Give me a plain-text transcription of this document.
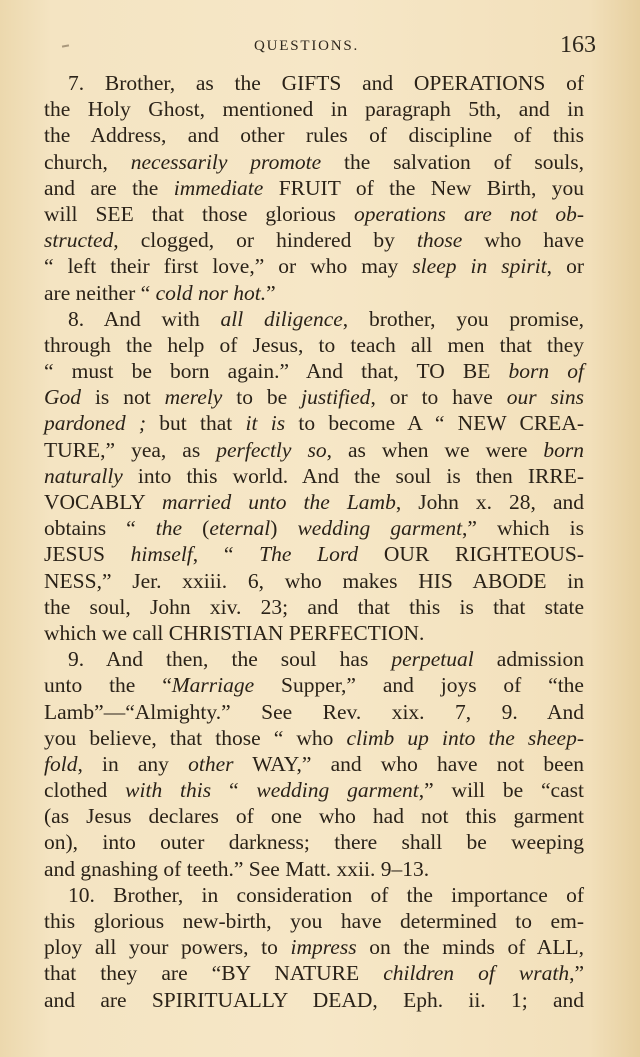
QUESTIONS.	163
7. Brother, as the GIFTS and OPERATIONS of
the Holy Ghost, mentioned in paragraph 5th, and in
the Address, and other rules of discipline of this
church, necessarily promote the salvation of souls,
and are the immediate FRUIT of the New Birth, you
will SEE that those glorious operations are not ob-
structed, clogged, or hindered by those who have
“ left their first love,” or who may sleep in spirit, or
are neither “ cold nor hot.”
8. And with all diligence, brother, you promise,
through the help of Jesus, to teach all men that they
“ must be born again.” And that, TO BE born of
God is not merely to be justified, or to have our sins
pardoned ; but that it is to become A “ NEW CREA-
TURE,” yea, as perfectly so, as when we were born
naturally into this world. And the soul is then IRRE-
VOCABLY married unto the Lamb, John x. 28, and
obtains “ the (eternal) wedding garment,” which is
JESUS himself, “ The Lord OUR RIGHTEOUS-
NESS,” Jer. xxiii. 6, who makes HIS ABODE in
the soul, John xiv. 23; and that this is that state
which we call CHRISTIAN PERFECTION.
9. And then, the soul has perpetual admission
unto the “Marriage Supper,” and joys of “the
Lamb”—“Almighty.” See Rev. xix. 7, 9. And
you believe, that those “ who climb up into the sheep-
fold, in any other WAY,” and who have not been
clothed with this “ wedding garment,” will be “cast
(as Jesus declares of one who had not this garment
on), into outer darkness; there shall be weeping
and gnashing of teeth.” See Matt. xxii. 9–13.
10. Brother, in consideration of the importance of
this glorious new-birth, you have determined to em-
ploy all your powers, to impress on the minds of ALL,
that they are “BY NATURE children of wrath,”
and are SPIRITUALLY DEAD, Eph. ii. 1; and
